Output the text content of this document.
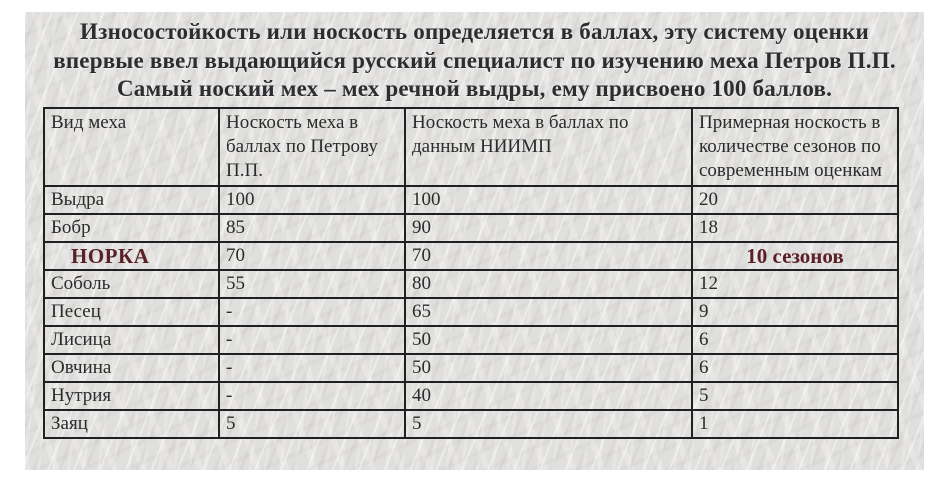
Износостойкость или носкость определяется в баллах, эту систему оценки
впервые ввел выдающийся русский специалист по изучению меха Петров П.П.
Самый ноский мех – мех речной выдры, ему присвоено 100 баллов.
Вид меха	Носкость меха в баллах по Петрову П.П.	Носкость меха в баллах по данным НИИМП	Примерная носкость в количестве сезонов по современным оценкам
Выдра	100	100	20
Бобр	85	90	18
НОРКА	70	70	10 сезонов
Соболь	55	80	12
Песец	-	65	9
Лисица	-	50	6
Овчина	-	50	6
Нутрия	-	40	5
Заяц	5	5	1
